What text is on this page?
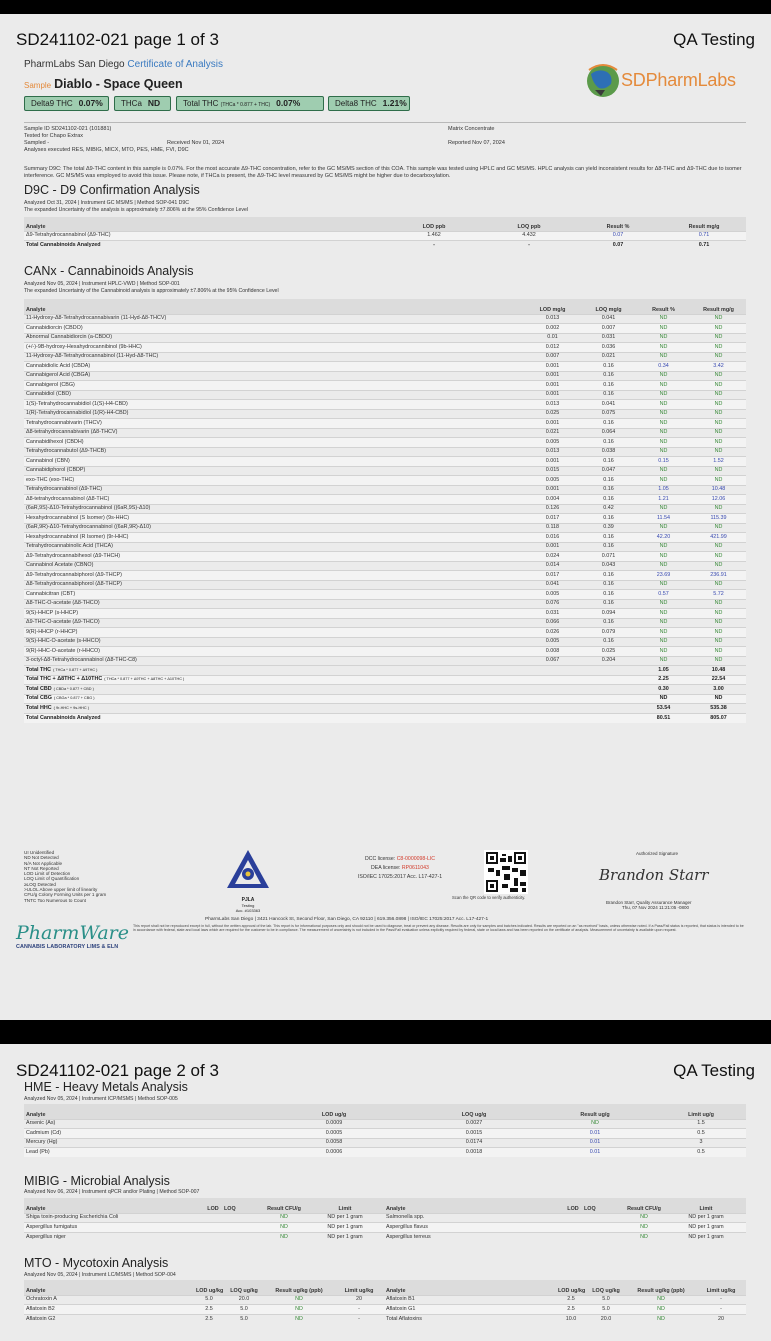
SD241102-021 page 1 of 3	QA Testing
PharmLabs San Diego Certificate of Analysis
Sample Diablo - Space Queen	SDPharmLabs
Delta9 THC 0.07%	THCa ND	Total THC (THCa * 0.877 + THC) 0.07%	Delta8 THC 1.21%
Sample ID SD241102-021 (101881)
Tested for Chapo Extrax
Sampled -	Received Nov 01, 2024
Analyses executed RES, MIBIG, MICX, MTO, PES, HME, FVI, D9C
Matrix Concentrate
Reported Nov 07, 2024
Summary D9C: The total Δ9-THC content in this sample is 0.07%. For the most accurate Δ9-THC concentration, refer to the GC MS/MS section of this COA. This sample was tested using HPLC and GC MS/MS. HPLC analysis can yield inconsistent results for Δ8-THC and Δ9-THC due to isomer interference. GC MS/MS was employed to avoid this issue. Please note, if THCa is present, the Δ9-THC level measured by GC MS/MS might be higher due to decarboxylation.
D9C - D9 Confirmation Analysis
Analyzed Oct 31, 2024 | Instrument GC MS/MS | Method SOP-041 D9C
The expanded Uncertainty of the analysis is approximately ±7.806% at the 95% Confidence Level
Analyte	LOD ppb	LOQ ppb	Result %	Result mg/g
Δ9-Tetrahydrocannabinol (Δ9-THC)	1.462	4.432	0.07	0.71
Total Cannabinoids Analyzed	-	-	0.07	0.71
CANx - Cannabinoids Analysis
Analyzed Nov 05, 2024 | Instrument HPLC-VWD | Method SOP-001
The expanded Uncertainty of the Cannabinoid analysis is approximately ±7.806% at the 95% Confidence Level
Analyte	LOD mg/g	LOQ mg/g	Result %	Result mg/g
11-Hydroxy-Δ8-Tetrahydrocannabivarin (11-Hyd-Δ8-THCV)	0.013	0.041	ND	ND
Cannabidiorcin (CBDO)	0.002	0.007	ND	ND
Abnormal Cannabidiorcin (a-CBDO)	0.01	0.031	ND	ND
(+/-)-9B-hydroxy-Hexahydrocannibinol (9b-HHC)	0.012	0.036	ND	ND
11-Hydroxy-Δ8-Tetrahydrocannabinol (11-Hyd-Δ8-THC)	0.007	0.021	ND	ND
Cannabidiolic Acid (CBDA)	0.001	0.16	0.34	3.42
Cannabigerol Acid (CBGA)	0.001	0.16	ND	ND
Cannabigerol (CBG)	0.001	0.16	ND	ND
Cannabidiol (CBD)	0.001	0.16	ND	ND
1(S)-Tetrahydrocannabidiol (1(S)-H4-CBD)	0.013	0.041	ND	ND
1(R)-Tetrahydrocannabidiol (1(R)-H4-CBD)	0.025	0.075	ND	ND
Tetrahydrocannabivarin (THCV)	0.001	0.16	ND	ND
Δ8-tetrahydrocannabivarin (Δ8-THCV)	0.021	0.064	ND	ND
Cannabidihexol (CBDH)	0.005	0.16	ND	ND
Tetrahydrocannabutol (Δ9-THCB)	0.013	0.038	ND	ND
Cannabinol (CBN)	0.001	0.16	0.15	1.52
Cannabidiphorol (CBDP)	0.015	0.047	ND	ND
exo-THC (exo-THC)	0.005	0.16	ND	ND
Tetrahydrocannabinol (Δ9-THC)	0.001	0.16	1.05	10.48
Δ8-tetrahydrocannabinol (Δ8-THC)	0.004	0.16	1.21	12.06
(6aR,9S)-Δ10-Tetrahydrocannabinol ((6aR,9S)-Δ10)	0.126	0.42	ND	ND
Hexahydrocannabinol (S Isomer) (9s-HHC)	0.017	0.16	11.54	115.39
(6aR,9R)-Δ10-Tetrahydrocannabinol ((6aR,9R)-Δ10)	0.118	0.39	ND	ND
Hexahydrocannabinol (R Isomer) (9r-HHC)	0.016	0.16	42.20	421.99
Tetrahydrocannabinolic Acid (THCA)	0.001	0.16	ND	ND
Δ9-Tetrahydrocannabihexol (Δ9-THCH)	0.024	0.071	ND	ND
Cannabinol Acetate (CBNO)	0.014	0.043	ND	ND
Δ9-Tetrahydrocannabiphorol (Δ9-THCP)	0.017	0.16	23.69	236.91
Δ8-Tetrahydrocannabiphorol (Δ8-THCP)	0.041	0.16	ND	ND
Cannabicitran (CBT)	0.005	0.16	0.57	5.72
Δ8-THC-O-acetate (Δ8-THCO)	0.076	0.16	ND	ND
9(S)-HHCP (s-HHCP)	0.031	0.094	ND	ND
Δ9-THC-O-acetate (Δ9-THCO)	0.066	0.16	ND	ND
9(R)-HHCP (r-HHCP)	0.026	0.079	ND	ND
9(S)-HHC-O-acetate (s-HHCO)	0.005	0.16	ND	ND
9(R)-HHC-O-acetate (r-HHCO)	0.008	0.025	ND	ND
3-octyl-Δ8-Tetrahydrocannabinol (Δ8-THC-C8)	0.067	0.204	ND	ND
Total THC ( THCa * 0.877 + Δ9THC )			1.05	10.48
Total THC + Δ8THC + Δ10THC ( THCa * 0.877 + Δ9THC + Δ8THC + Δ10THC )			2.25	22.54
Total CBD ( CBDa * 0.877 + CBD )			0.30	3.00
Total CBG ( CBGa * 0.877 + CBG )			ND	ND
Total HHC ( 9r-HHC + 9s-HHC )			53.54	535.38
Total Cannabinoids Analyzed			80.51	805.07
UI Unidentified
ND Not Detected
N/A Not Applicable
NT Not Reported
LOD Limit of Detection
LOQ Limit of Quantification
≥LOQ Detected
>ULOL Above upper limit of linearity
CFU/g Colony Forming Units per 1 gram
TNTC Too Numerous to Count	PJLA
Testing
Acc. #103363
DCC license: C8-0000098-LIC
DEA license: RP0611043
ISO/IEC 17025:2017 Acc. L17-427-1
Scan the QR code to verify authenticity.
Authorized Signature
Brandon Starr
Brandon Starr, Quality Assurance Manager
Thu, 07 Nov 2024 11:21:05 -0800
PharmLabs San Diego | 3421 Hancock St, Second Floor, San Diego, CA 92110 | 619.356.0898 | ISO/IEC 17025:2017 Acc. L17-427-1
This report shall not be reproduced except in full, without the written approval of the lab. This report is for informational purposes only and should not be used to diagnose, treat or prevent any disease. Results are only for samples and batches indicated. Results are reported on an "as received" basis, unless otherwise noted. If a Pass/Fail status is reported, that status is intended to be in accordance with federal, state and local laws which are required for the customer to be in compliance. The measurement of uncertainty is not included in the Pass/Fail evaluation unless explicitly required by federal, state or local laws and has been reported on the certificate of analysis. Measurement of uncertainty is available upon request.
PharmWare
CANNABIS LABORATORY LIMS & ELN
SD241102-021 page 2 of 3	QA Testing
HME - Heavy Metals Analysis
Analyzed Nov 05, 2024 | Instrument ICP/MSMS | Method SOP-005
Analyte	LOD ug/g	LOQ ug/g	Result ug/g	Limit ug/g
Arsenic (As)	0.0009	0.0027	ND	1.5
Cadmium (Cd)	0.0005	0.0015	0.01	0.5
Mercury (Hg)	0.0058	0.0174	0.01	3
Lead (Pb)	0.0006	0.0018	0.01	0.5
MIBIG - Microbial Analysis
Analyzed Nov 06, 2024 | Instrument qPCR and/or Plating | Method SOP-007
Analyte	LOD	LOQ	Result CFU/g	Limit	Analyte	LOD	LOQ	Result CFU/g	Limit
Shiga toxin-producing Escherichia Coli			ND	ND per 1 gram	Salmonella spp.			ND	ND per 1 gram
Aspergillus fumigatus			ND	ND per 1 gram	Aspergillus flavus			ND	ND per 1 gram
Aspergillus niger			ND	ND per 1 gram	Aspergillus terreus			ND	ND per 1 gram
MTO - Mycotoxin Analysis
Analyzed Nov 05, 2024 | Instrument LC/MSMS | Method SOP-004
Analyte	LOD ug/kg	LOQ ug/kg	Result ug/kg (ppb)	Limit ug/kg	Analyte	LOD ug/kg	LOQ ug/kg	Result ug/kg (ppb)	Limit ug/kg
Ochratoxin A	5.0	20.0	ND	20	Aflatoxin B1	2.5	5.0	ND	-
Aflatoxin B2	2.5	5.0	ND	-	Aflatoxin G1	2.5	5.0	ND	-
Aflatoxin G2	2.5	5.0	ND	-	Total Aflatoxins	10.0	20.0	ND	20
